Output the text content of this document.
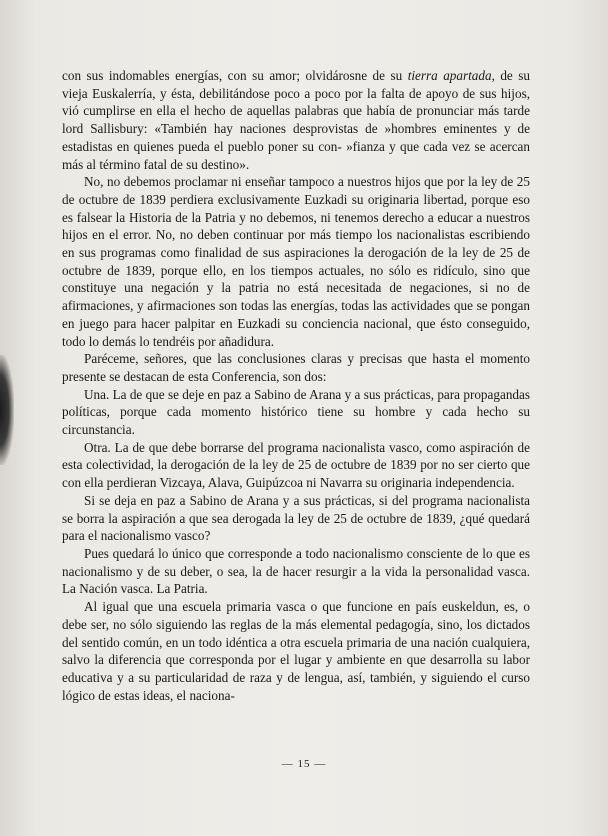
con sus indomables energías, con su amor; olvidárosne de su tierra apartada, de su vieja Euskalerría, y ésta, debilitándose poco a poco por la falta de apoyo de sus hijos, vió cumplirse en ella el hecho de aquellas palabras que había de pronunciar más tarde lord Sallisbury: «También hay naciones desprovistas de »hombres eminentes y de estadistas en quienes pueda el pueblo poner su con- »fianza y que cada vez se acercan más al término fatal de su destino».

No, no debemos proclamar ni enseñar tampoco a nuestros hijos que por la ley de 25 de octubre de 1839 perdiera exclusivamente Euzkadi su originaria libertad, porque eso es falsear la Historia de la Patria y no debemos, ni tenemos derecho a educar a nuestros hijos en el error. No, no deben continuar por más tiempo los nacionalistas escribiendo en sus programas como finalidad de sus aspiraciones la derogación de la ley de 25 de octubre de 1839, porque ello, en los tiempos actuales, no sólo es ridículo, sino que constituye una negación y la patria no está necesitada de negaciones, si no de afirmaciones, y afirmaciones son todas las energías, todas las actividades que se pongan en juego para hacer palpitar en Euzkadi su conciencia nacional, que ésto conseguido, todo lo demás lo tendréis por añadidura.

Paréceme, señores, que las conclusiones claras y precisas que hasta el momento presente se destacan de esta Conferencia, son dos:

Una. La de que se deje en paz a Sabino de Arana y a sus prácticas, para propagandas políticas, porque cada momento histórico tiene su hombre y cada hecho su circunstancia.

Otra. La de que debe borrarse del programa nacionalista vasco, como aspiración de esta colectividad, la derogación de la ley de 25 de octubre de 1839 por no ser cierto que con ella perdieran Vizcaya, Alava, Guipúzcoa ni Navarra su originaria independencia.

Si se deja en paz a Sabino de Arana y a sus prácticas, si del programa nacionalista se borra la aspiración a que sea derogada la ley de 25 de octubre de 1839, ¿qué quedará para el nacionalismo vasco?

Pues quedará lo único que corresponde a todo nacionalismo consciente de lo que es nacionalismo y de su deber, o sea, la de hacer resurgir a la vida la personalidad vasca. La Nación vasca. La Patria.

Al igual que una escuela primaria vasca o que funcione en país euskeldun, es, o debe ser, no sólo siguiendo las reglas de la más elemental pedagogía, sino, los dictados del sentido común, en un todo idéntica a otra escuela primaria de una nación cualquiera, salvo la diferencia que corresponda por el lugar y ambiente en que desarrolla su labor educativa y a su particularidad de raza y de lengua, así, también, y siguiendo el curso lógico de estas ideas, el naciona-

— 15 —
